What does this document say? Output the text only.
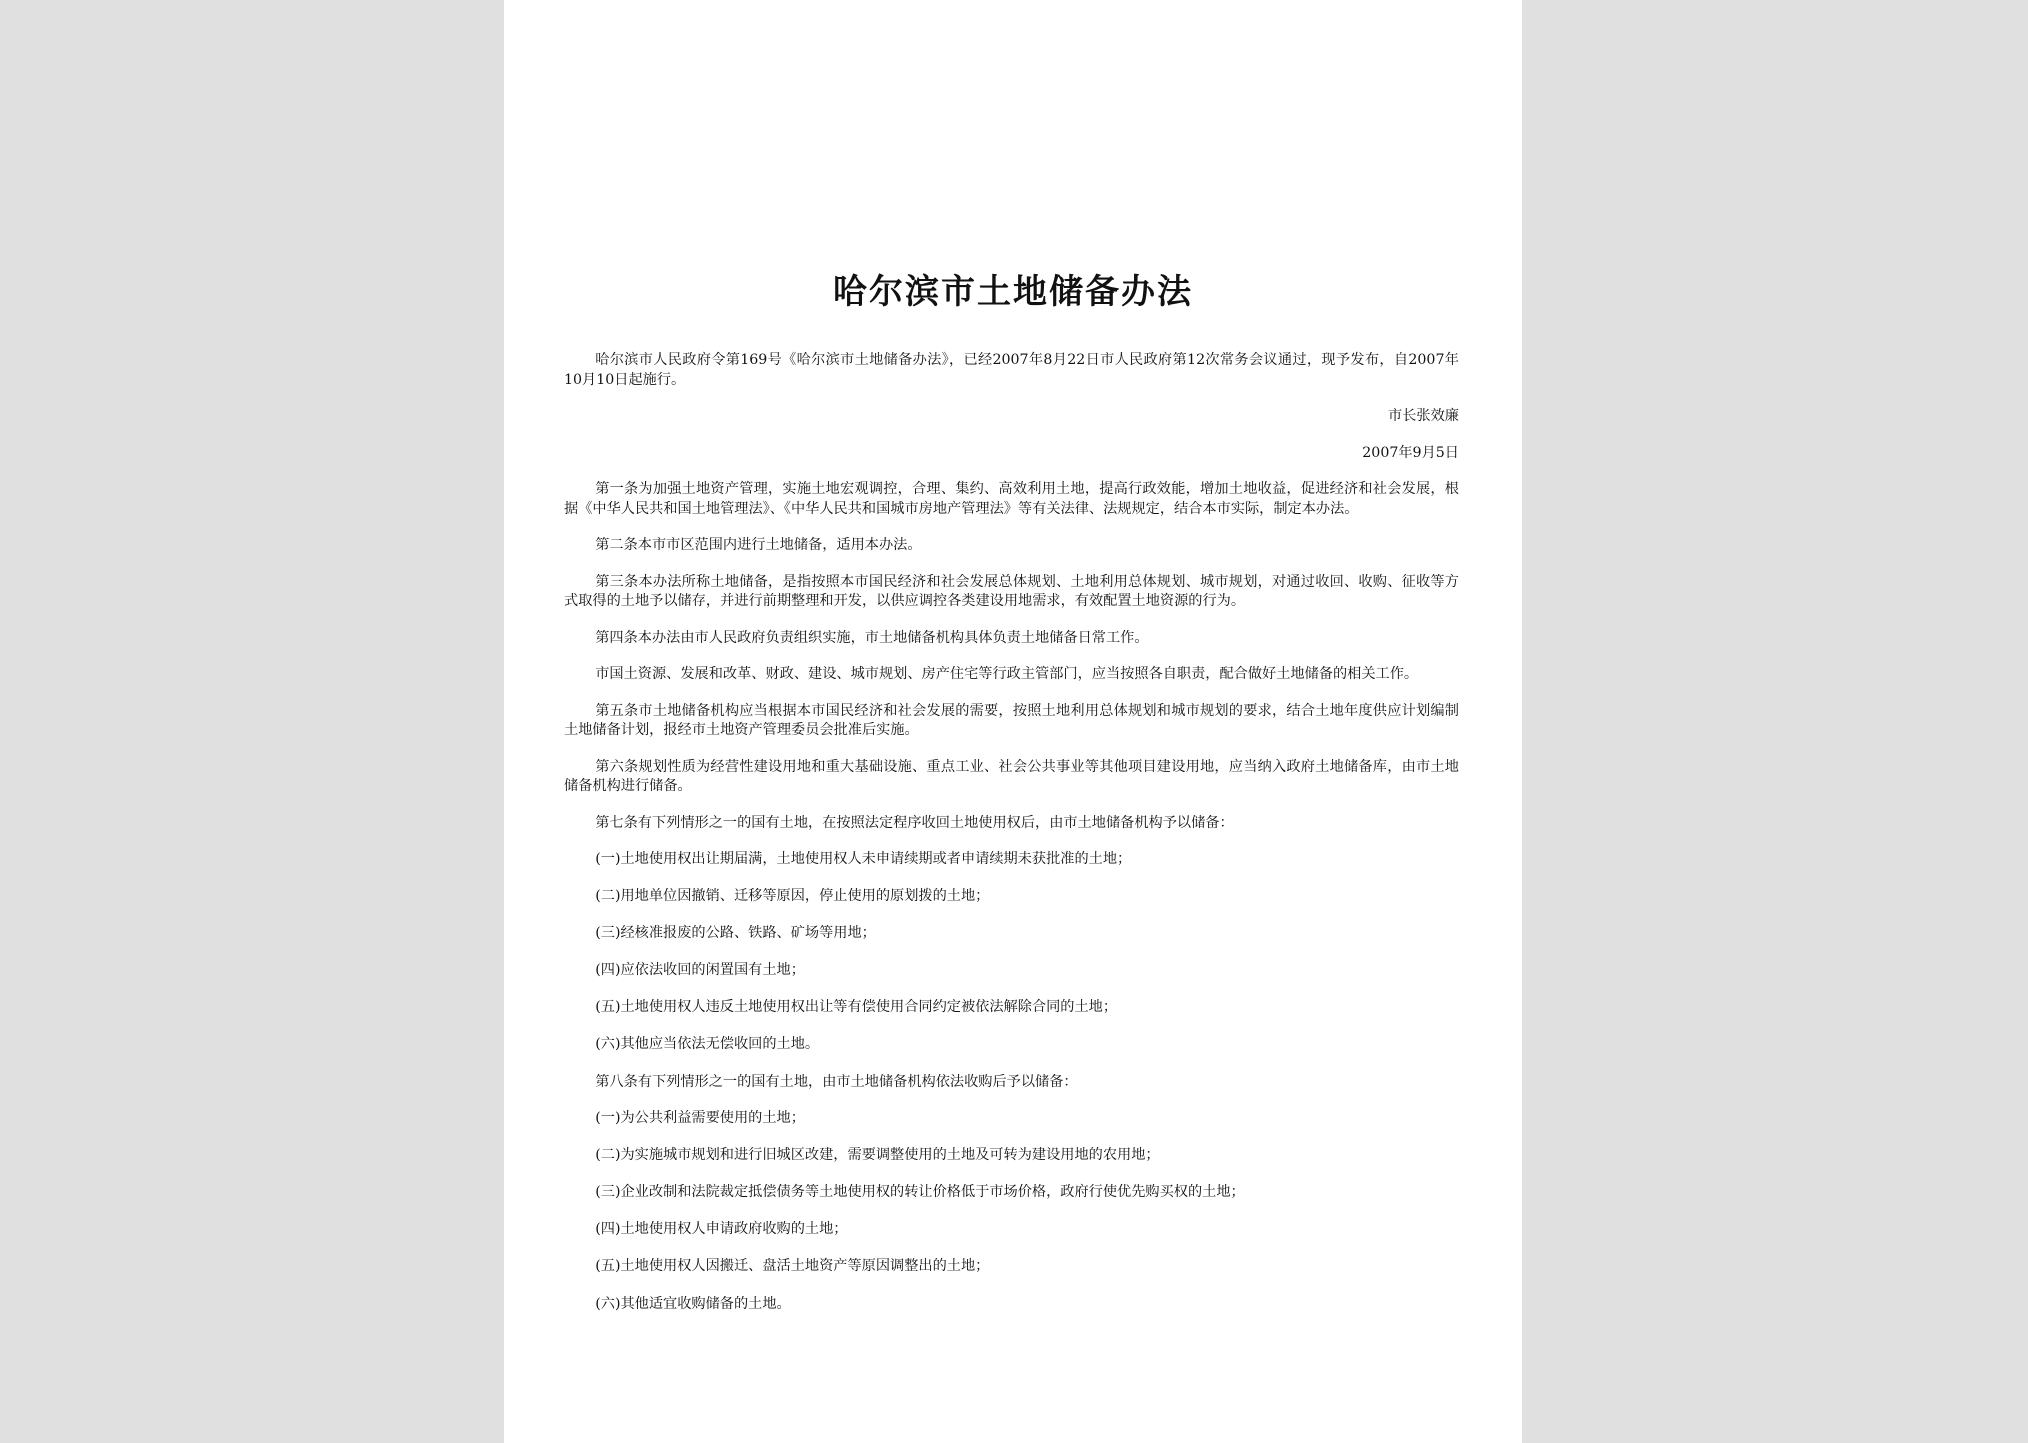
哈尔滨市土地储备办法

哈尔滨市人民政府令第169号《哈尔滨市土地储备办法》，已经2007年8月22日市人民政府第12次常务会议通过，现予发布，自2007年10月10日起施行。

市长张效廉

2007年9月5日

第一条为加强土地资产管理，实施土地宏观调控，合理、集约、高效利用土地，提高行政效能，增加土地收益，促进经济和社会发展，根据《中华人民共和国土地管理法》、《中华人民共和国城市房地产管理法》等有关法律、法规规定，结合本市实际，制定本办法。

第二条本市市区范围内进行土地储备，适用本办法。

第三条本办法所称土地储备，是指按照本市国民经济和社会发展总体规划、土地利用总体规划、城市规划，对通过收回、收购、征收等方式取得的土地予以储存，并进行前期整理和开发，以供应调控各类建设用地需求，有效配置土地资源的行为。

第四条本办法由市人民政府负责组织实施，市土地储备机构具体负责土地储备日常工作。

市国土资源、发展和改革、财政、建设、城市规划、房产住宅等行政主管部门，应当按照各自职责，配合做好土地储备的相关工作。

第五条市土地储备机构应当根据本市国民经济和社会发展的需要，按照土地利用总体规划和城市规划的要求，结合土地年度供应计划编制土地储备计划，报经市土地资产管理委员会批准后实施。

第六条规划性质为经营性建设用地和重大基础设施、重点工业、社会公共事业等其他项目建设用地，应当纳入政府土地储备库，由市土地储备机构进行储备。

第七条有下列情形之一的国有土地，在按照法定程序收回土地使用权后，由市土地储备机构予以储备：

(一)土地使用权出让期届满，土地使用权人未申请续期或者申请续期未获批准的土地；

(二)用地单位因撤销、迁移等原因，停止使用的原划拨的土地；

(三)经核准报废的公路、铁路、矿场等用地；

(四)应依法收回的闲置国有土地；

(五)土地使用权人违反土地使用权出让等有偿使用合同约定被依法解除合同的土地；

(六)其他应当依法无偿收回的土地。

第八条有下列情形之一的国有土地，由市土地储备机构依法收购后予以储备：

(一)为公共利益需要使用的土地；

(二)为实施城市规划和进行旧城区改建，需要调整使用的土地及可转为建设用地的农用地；

(三)企业改制和法院裁定抵偿债务等土地使用权的转让价格低于市场价格，政府行使优先购买权的土地；

(四)土地使用权人申请政府收购的土地；

(五)土地使用权人因搬迁、盘活土地资产等原因调整出的土地；

(六)其他适宜收购储备的土地。
